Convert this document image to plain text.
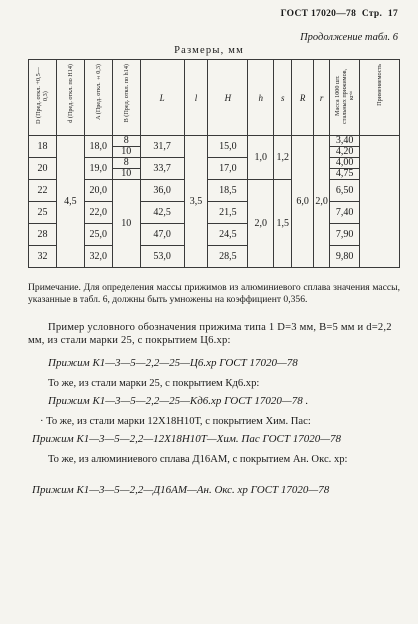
ГОСТ 17020—78 Стр. 17
Продолжение табл. 6
Размеры, мм
D (Пред. откл. +0,5—0,3)	d (Пред. откл. по Н14)	A (Пред. откл. ±0,3)	B (Пред. откл. по h14)	L	l	H	h	s	R	r	Масса 1000 шт. стальных прижимов, кг≈	Применяемость
18	4,5	18,0	8	31,7	3,5	15,0	1,0	1,2	6,0	2,0	3,40	
			10								4,20	
20		19,0	8	33,7		17,0					4,00	
			10								4,75	
22		20,0	10	36,0		18,5	2,0	1,5			6,50	

25		22,0		42,5		21,5					7,40	

28		25,0		47,0		24,5					7,90	

32		32,0		53,0		28,5					9,80	

Примечание. Для определения массы прижимов из алюминиевого сплава значения массы, указанные в табл. 6, должны быть умножены на коэффициент 0,356.
Пример условного обозначения прижима типа 1 D=3 мм, B=5 мм и d=2,2 мм, из стали марки 25, с покрытием Ц6.хр:
Прижим К1—3—5—2,2—25—Ц6.хр ГОСТ 17020—78
То же, из стали марки 25, с покрытием Кд6.хр:
Прижим К1—3—5—2,2—25—Кд6.хр ГОСТ 17020—78 .
· То же, из стали марки 12Х18Н10Т, с покрытием Хим. Пас:
Прижим К1—3—5—2,2—12Х18Н10Т—Хим. Пас ГОСТ 17020—78
То же, из алюминиевого сплава Д16АМ, с покрытием Ан. Окс. хр:
Прижим К1—3—5—2,2—Д16АМ—Ан. Окс. хр ГОСТ 17020—78
